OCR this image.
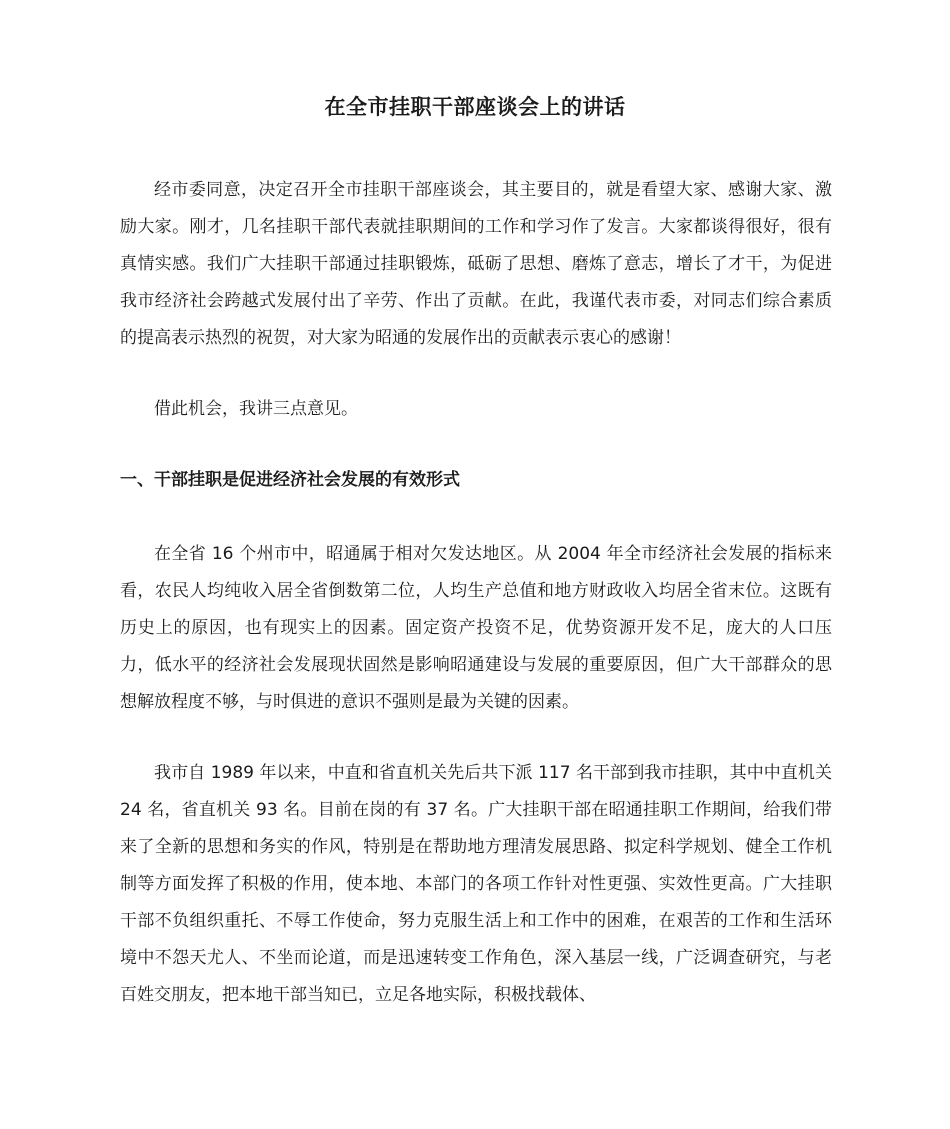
在全市挂职干部座谈会上的讲话

经市委同意，决定召开全市挂职干部座谈会，其主要目的，就是看望大家、感谢大家、激励大家。刚才，几名挂职干部代表就挂职期间的工作和学习作了发言。大家都谈得很好，很有真情实感。我们广大挂职干部通过挂职锻炼，砥砺了思想、磨炼了意志，增长了才干，为促进我市经济社会跨越式发展付出了辛劳、作出了贡献。在此，我谨代表市委，对同志们综合素质的提高表示热烈的祝贺，对大家为昭通的发展作出的贡献表示衷心的感谢！

借此机会，我讲三点意见。

一、干部挂职是促进经济社会发展的有效形式

在全省 16 个州市中，昭通属于相对欠发达地区。从 2004 年全市经济社会发展的指标来看，农民人均纯收入居全省倒数第二位，人均生产总值和地方财政收入均居全省末位。这既有历史上的原因，也有现实上的因素。固定资产投资不足，优势资源开发不足，庞大的人口压力，低水平的经济社会发展现状固然是影响昭通建设与发展的重要原因，但广大干部群众的思想解放程度不够，与时俱进的意识不强则是最为关键的因素。

我市自 1989 年以来，中直和省直机关先后共下派 117 名干部到我市挂职，其中中直机关 24 名，省直机关 93 名。目前在岗的有 37 名。广大挂职干部在昭通挂职工作期间，给我们带来了全新的思想和务实的作风，特别是在帮助地方理清发展思路、拟定科学规划、健全工作机制等方面发挥了积极的作用，使本地、本部门的各项工作针对性更强、实效性更高。广大挂职干部不负组织重托、不辱工作使命，努力克服生活上和工作中的困难，在艰苦的工作和生活环境中不怨天尤人、不坐而论道，而是迅速转变工作角色，深入基层一线，广泛调查研究，与老百姓交朋友，把本地干部当知已，立足各地实际，积极找载体、
